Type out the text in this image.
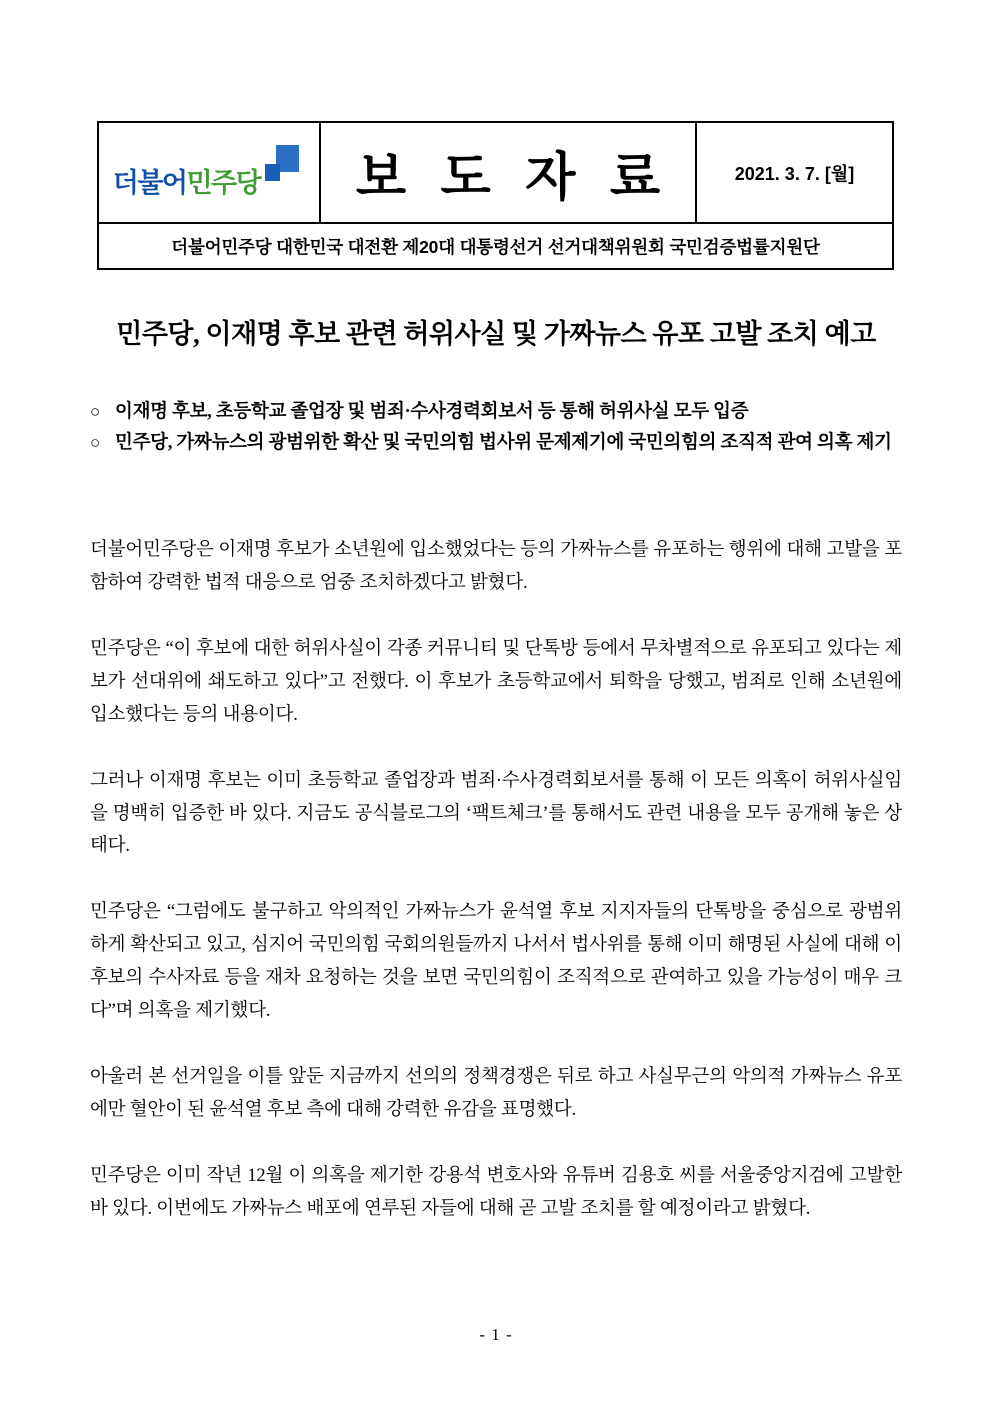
더불어민주당 보 도 자 료	2021. 3. 7. [월]
더불어민주당 대한민국 대전환 제20대 대통령선거 선거대책위원회 국민검증법률지원단
민주당, 이재명 후보 관련 허위사실 및 가짜뉴스 유포 고발 조치 예고
○ 이재명 후보, 초등학교 졸업장 및 범죄·수사경력회보서 등 통해 허위사실 모두 입증
○ 민주당, 가짜뉴스의 광범위한 확산 및 국민의힘 법사위 문제제기에 국민의힘의 조직적 관여 의혹 제기

더불어민주당은 이재명 후보가 소년원에 입소했었다는 등의 가짜뉴스를 유포하는 행위에 대해 고발을 포함하여 강력한 법적 대응으로 엄중 조치하겠다고 밝혔다.

민주당은 “이 후보에 대한 허위사실이 각종 커뮤니티 및 단톡방 등에서 무차별적으로 유포되고 있다는 제보가 선대위에 쇄도하고 있다”고 전했다. 이 후보가 초등학교에서 퇴학을 당했고, 범죄로 인해 소년원에 입소했다는 등의 내용이다.

그러나 이재명 후보는 이미 초등학교 졸업장과 범죄·수사경력회보서를 통해 이 모든 의혹이 허위사실임을 명백히 입증한 바 있다. 지금도 공식블로그의 ‘팩트체크’를 통해서도 관련 내용을 모두 공개해 놓은 상태다.

민주당은 “그럼에도 불구하고 악의적인 가짜뉴스가 윤석열 후보 지지자들의 단톡방을 중심으로 광범위하게 확산되고 있고, 심지어 국민의힘 국회의원들까지 나서서 법사위를 통해 이미 해명된 사실에 대해 이 후보의 수사자료 등을 재차 요청하는 것을 보면 국민의힘이 조직적으로 관여하고 있을 가능성이 매우 크다”며 의혹을 제기했다.

아울러 본 선거일을 이틀 앞둔 지금까지 선의의 정책경쟁은 뒤로 하고 사실무근의 악의적 가짜뉴스 유포에만 혈안이 된 윤석열 후보 측에 대해 강력한 유감을 표명했다.

민주당은 이미 작년 12월 이 의혹을 제기한 강용석 변호사와 유튜버 김용호 씨를 서울중앙지검에 고발한 바 있다. 이번에도 가짜뉴스 배포에 연루된 자들에 대해 곧 고발 조치를 할 예정이라고 밝혔다.

- 1 -
